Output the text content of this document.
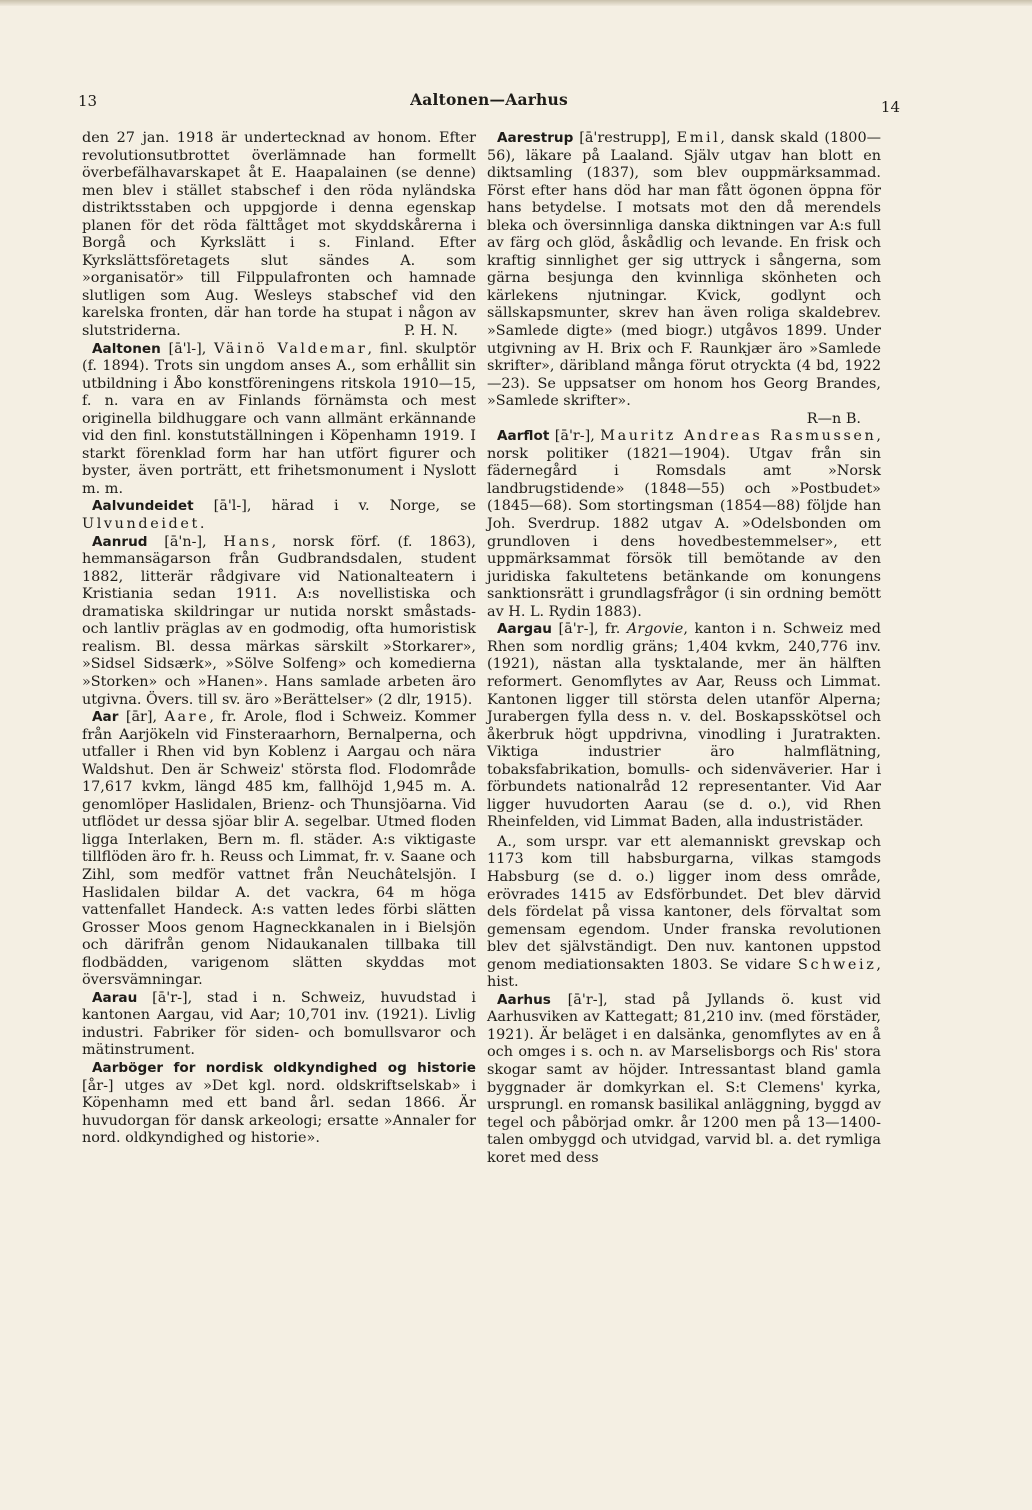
13	Aaltonen—Aarhus	14

den 27 jan. 1918 är undertecknad av honom. Efter revolutionsutbrottet överlämnade han formellt överbefälhavarskapet åt E. Haapalainen (se denne) men blev i stället stabschef i den röda nyländska distriktsstaben och uppgjorde i denna egenskap planen för det röda fälttåget mot skyddskårerna i Borgå och Kyrkslätt i s. Finland. Efter Kyrkslättsföretagets slut sändes A. som »organisatör» till Filppulafronten och hamnade slutligen som Aug. Wesleys stabschef vid den karelska fronten, där han torde ha stupat i någon av slutstriderna.	P. H. N.

Aaltonen [ā'l-], Väinö Valdemar, finl. skulptör (f. 1894). Trots sin ungdom anses A., som erhållit sin utbildning i Åbo konstföreningens ritskola 1910—15, f. n. vara en av Finlands förnämsta och mest originella bildhuggare och vann allmänt erkännande vid den finl. konstutställningen i Köpenhamn 1919. I starkt förenklad form har han utfört figurer och byster, även porträtt, ett frihetsmonument i Nyslott m. m.

Aalvundeidet [ā'l-], härad i v. Norge, se Ulvundeidet.

Aanrud [ā'n-], Hans, norsk förf. (f. 1863), hemmansägarson från Gudbrandsdalen, student 1882, litterär rådgivare vid Nationalteatern i Kristiania sedan 1911. A:s novellistiska och dramatiska skildringar ur nutida norskt småstads- och lantliv präglas av en godmodig, ofta humoristisk realism. Bl. dessa märkas särskilt »Storkarer», »Sidsel Sidsærk», »Sölve Solfeng» och komedierna »Storken» och »Hanen». Hans samlade arbeten äro utgivna. Övers. till sv. äro »Berättelser» (2 dlr, 1915).

Aar [ār], Aare, fr. Arole, flod i Schweiz. Kommer från Aarjökeln vid Finsteraarhorn, Bernalperna, och utfaller i Rhen vid byn Koblenz i Aargau och nära Waldshut. Den är Schweiz' största flod. Flodområde 17,617 kvkm, längd 485 km, fallhöjd 1,945 m. A. genomlöper Haslidalen, Brienz- och Thunsjöarna. Vid utflödet ur dessa sjöar blir A. segelbar. Utmed floden ligga Interlaken, Bern m. fl. städer. A:s viktigaste tillflöden äro fr. h. Reuss och Limmat, fr. v. Saane och Zihl, som medför vattnet från Neuchâtelsjön. I Haslidalen bildar A. det vackra, 64 m höga vattenfallet Handeck. A:s vatten ledes förbi slätten Grosser Moos genom Hagneckkanalen in i Bielsjön och därifrån genom Nidaukanalen tillbaka till flodbädden, varigenom slätten skyddas mot översvämningar.

Aarau [ā'r-], stad i n. Schweiz, huvudstad i kantonen Aargau, vid Aar; 10,701 inv. (1921). Livlig industri. Fabriker för siden- och bomullsvaror och mätinstrument.

Aarböger for nordisk oldkyndighed og historie [år-] utges av »Det kgl. nord. oldskriftselskab» i Köpenhamn med ett band årl. sedan 1866. Är huvudorgan för dansk arkeologi; ersatte »Annaler for nord. oldkyndighed og historie».

Aarestrup [ā'restrupp], Emil, dansk skald (1800—56), läkare på Laaland. Själv utgav han blott en diktsamling (1837), som blev ouppmärksammad. Först efter hans död har man fått ögonen öppna för hans betydelse. I motsats mot den då merendels bleka och översinnliga danska diktningen var A:s full av färg och glöd, åskådlig och levande. En frisk och kraftig sinnlighet ger sig uttryck i sångerna, som gärna besjunga den kvinnliga skönheten och kärlekens njutningar. Kvick, godlynt och sällskapsmunter, skrev han även roliga skaldebrev. »Samlede digte» (med biogr.) utgåvos 1899. Under utgivning av H. Brix och F. Raunkjær äro »Samlede skrifter», däribland många förut otryckta (4 bd, 1922—23). Se uppsatser om honom hos Georg Brandes, »Samlede skrifter».

R—n B.

Aarflot [ā'r-], Mauritz Andreas Rasmussen, norsk politiker (1821—1904). Utgav från sin fädernegård i Romsdals amt »Norsk landbrugstidende» (1848—55) och »Postbudet» (1845—68). Som stortingsman (1854—88) följde han Joh. Sverdrup. 1882 utgav A. »Odelsbonden om grundloven i dens hovedbestemmelser», ett uppmärksammat försök till bemötande av den juridiska fakultetens betänkande om konungens sanktionsrätt i grundlagsfrågor (i sin ordning bemött av H. L. Rydin 1883).

Aargau [ā'r-], fr. Argovie, kanton i n. Schweiz med Rhen som nordlig gräns; 1,404 kvkm, 240,776 inv. (1921), nästan alla tysktalande, mer än hälften reformert. Genomflytes av Aar, Reuss och Limmat. Kantonen ligger till största delen utanför Alperna; Jurabergen fylla dess n. v. del. Boskapsskötsel och åkerbruk högt uppdrivna, vinodling i Juratrakten. Viktiga industrier äro halmflätning, tobaksfabrikation, bomulls- och sidenväverier. Har i förbundets nationalråd 12 representanter. Vid Aar ligger huvudorten Aarau (se d. o.), vid Rhen Rheinfelden, vid Limmat Baden, alla industristäder.

A., som urspr. var ett alemanniskt grevskap och 1173 kom till habsburgarna, vilkas stamgods Habsburg (se d. o.) ligger inom dess område, erövrades 1415 av Edsförbundet. Det blev därvid dels fördelat på vissa kantoner, dels förvaltat som gemensam egendom. Under franska revolutionen blev det självständigt. Den nuv. kantonen uppstod genom mediationsakten 1803. Se vidare Schweiz, hist.

Aarhus [ā'r-], stad på Jyllands ö. kust vid Aarhusviken av Kattegatt; 81,210 inv. (med förstäder, 1921). Är beläget i en dalsänka, genomflytes av en å och omges i s. och n. av Marselisborgs och Ris' stora skogar samt av höjder. Intressantast bland gamla byggnader är domkyrkan el. S:t Clemens' kyrka, ursprungl. en romansk basilikal anläggning, byggd av tegel och påbörjad omkr. år 1200 men på 13—1400-talen ombyggd och utvidgad, varvid bl. a. det rymliga koret med dess
